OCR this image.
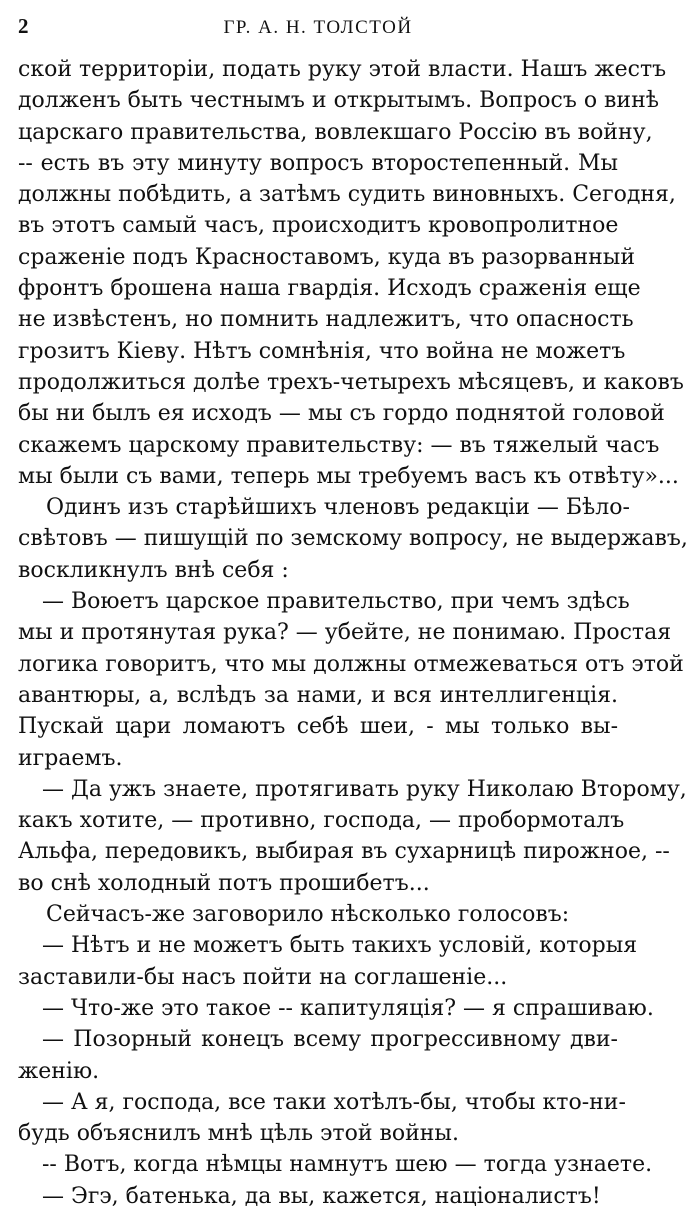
2	ГР. А. Н. ТОЛСТОЙ
ской территоріи, подать руку этой власти. Нашъ жестъ
долженъ быть честнымъ и открытымъ. Вопросъ о винѣ
царскаго правительства, вовлекшаго Россію въ войну,
-- есть въ эту минуту вопросъ второстепенный. Мы
должны побѣдить, а затѣмъ судить виновныхъ. Сегодня,
въ этотъ самый часъ, происходитъ кровопролитное
сраженіе подъ Красноставомъ, куда въ разорванный
фронтъ брошена наша гвардія. Исходъ сраженія еще
не извѣстенъ, но помнить надлежитъ, что опасность
грозитъ Кіеву. Нѣтъ сомнѣнія, что война не можетъ
продолжиться долѣе трехъ-четырехъ мѣсяцевъ, и каковъ
бы ни былъ ея исходъ — мы съ гордо поднятой головой
скажемъ царскому правительству: — въ тяжелый часъ
мы были съ вами, теперь мы требуемъ васъ къ отвѣту»...
Одинъ изъ старѣйшихъ членовъ редакціи — Бѣло-
свѣтовъ — пишущій по земскому вопросу, не выдержавъ,
воскликнулъ внѣ себя :
— Воюетъ царское правительство, при чемъ здѣсь
мы и протянутая рука? — убейте, не понимаю. Простая
логика говоритъ, что мы должны отмежеваться отъ этой
авантюры, а, вслѣдъ за нами, и вся интеллигенція.
Пускай цари ломаютъ себѣ шеи, - мы только вы-
играемъ.
— Да ужъ знаете, протягивать руку Николаю Второму,
какъ хотите, — противно, господа, — пробормоталъ
Альфа, передовикъ, выбирая въ сухарницѣ пирожное, --
во снѣ холодный потъ прошибетъ...
Сейчасъ-же заговорило нѣсколько голосовъ:
— Нѣтъ и не можетъ быть такихъ условій, которыя
заставили-бы насъ пойти на соглашеніе...
— Что-же это такое -- капитуляція? — я спрашиваю.
— Позорный конецъ всему прогрессивному дви-
женію.
— А я, господа, все таки хотѣлъ-бы, чтобы кто-ни-
будь объяснилъ мнѣ цѣль этой войны.
-- Вотъ, когда нѣмцы намнутъ шею — тогда узнаете.
— Эгэ, батенька, да вы, кажется, націоналистъ!
